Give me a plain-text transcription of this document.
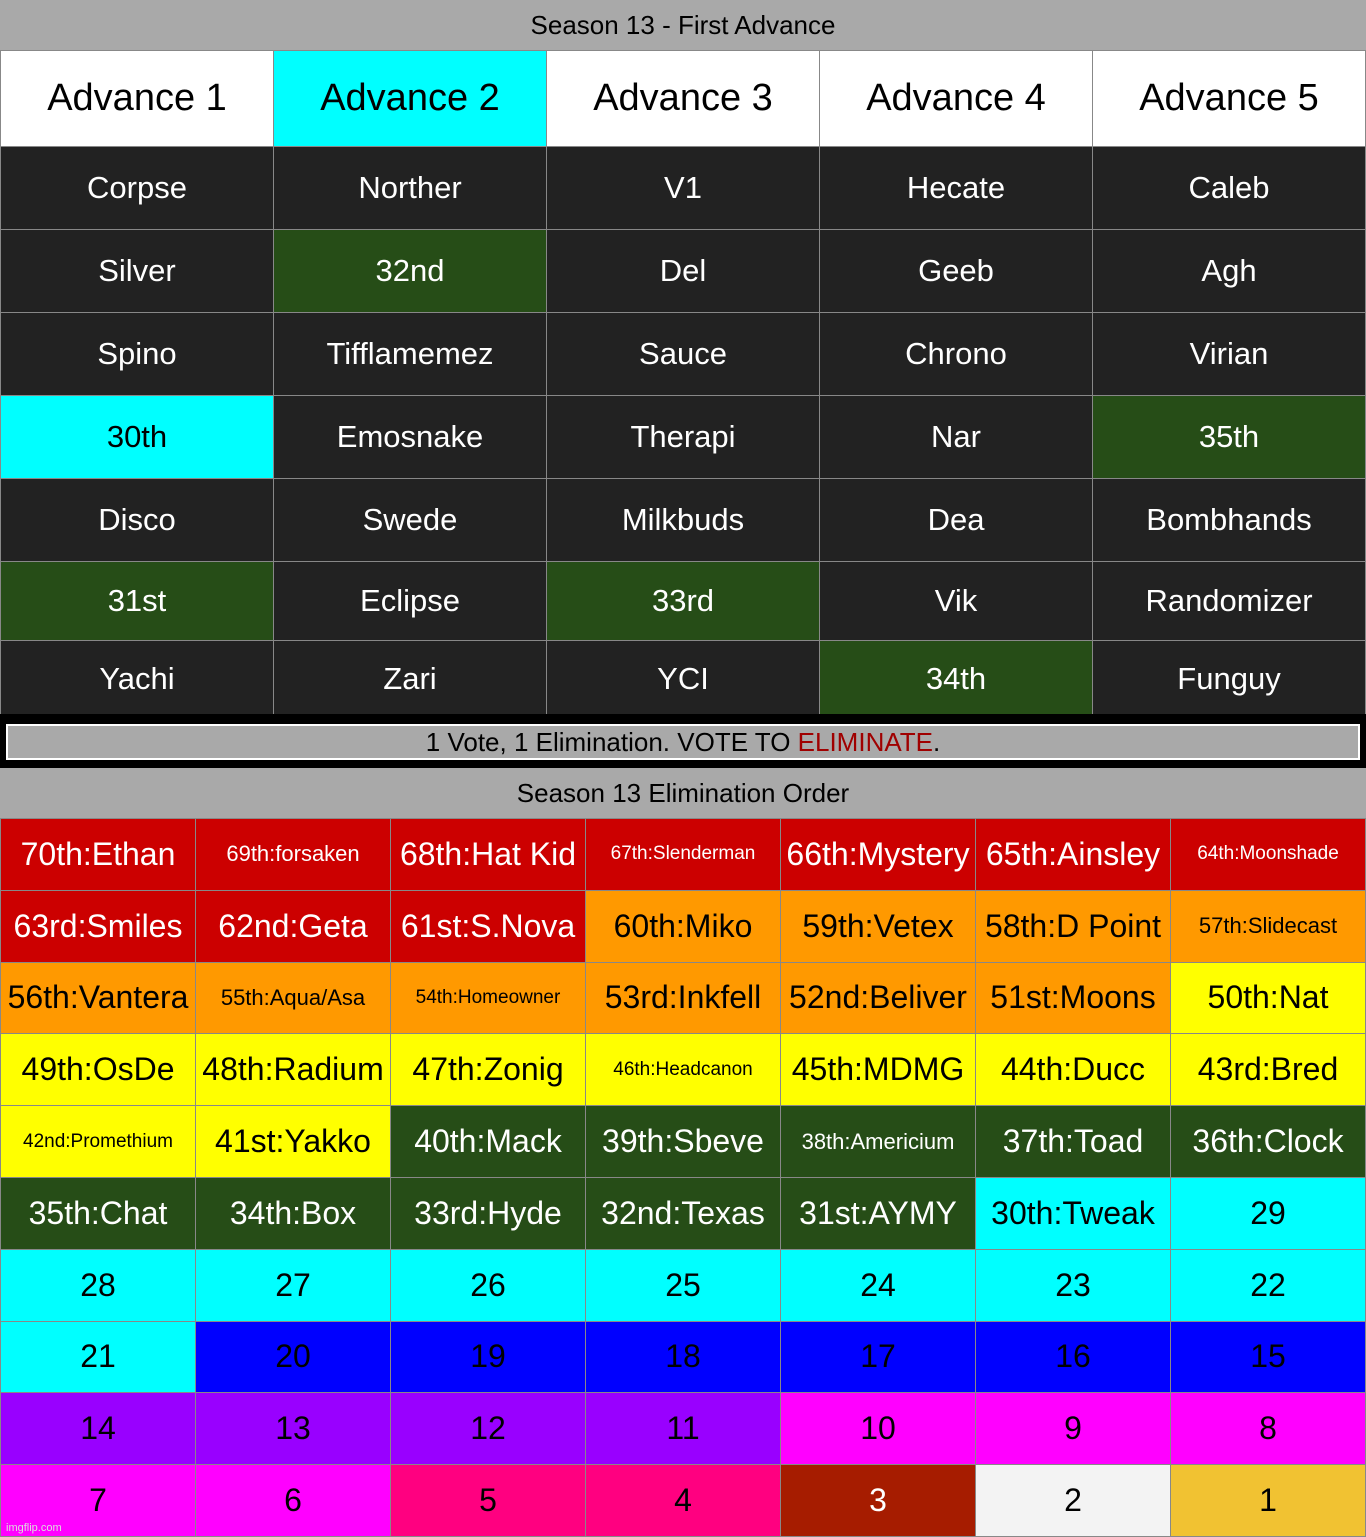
Season 13 - First Advance
Advance 1	Advance 2	Advance 3	Advance 4	Advance 5
Corpse	Norther	V1	Hecate	Caleb
Silver	32nd	Del	Geeb	Agh
Spino	Tifflamemez	Sauce	Chrono	Virian
30th	Emosnake	Therapi	Nar	35th
Disco	Swede	Milkbuds	Dea	Bombhands
31st	Eclipse	33rd	Vik	Randomizer
Yachi	Zari	YCI	34th	Funguy
1 Vote, 1 Elimination. VOTE TO ELIMINATE .
Season 13 Elimination Order
70th:Ethan	69th:forsaken	68th:Hat Kid	67th:Slenderman	66th:Mystery	65th:Ainsley	64th:Moonshade
63rd:Smiles	62nd:Geta	61st:S.Nova	60th:Miko	59th:Vetex	58th:D Point	57th:Slidecast
56th:Vantera	55th:Aqua/Asa	54th:Homeowner	53rd:Inkfell	52nd:Beliver	51st:Moons	50th:Nat
49th:OsDe	48th:Radium	47th:Zonig	46th:Headcanon	45th:MDMG	44th:Ducc	43rd:Bred
42nd:Promethium	41st:Yakko	40th:Mack	39th:Sbeve	38th:Americium	37th:Toad	36th:Clock
35th:Chat	34th:Box	33rd:Hyde	32nd:Texas	31st:AYMY	30th:Tweak	29
28	27	26	25	24	23	22
21	20	19	18	17	16	15
14	13	12	11	10	9	8
7	6	5	4	3	2	1
imgflip.com
